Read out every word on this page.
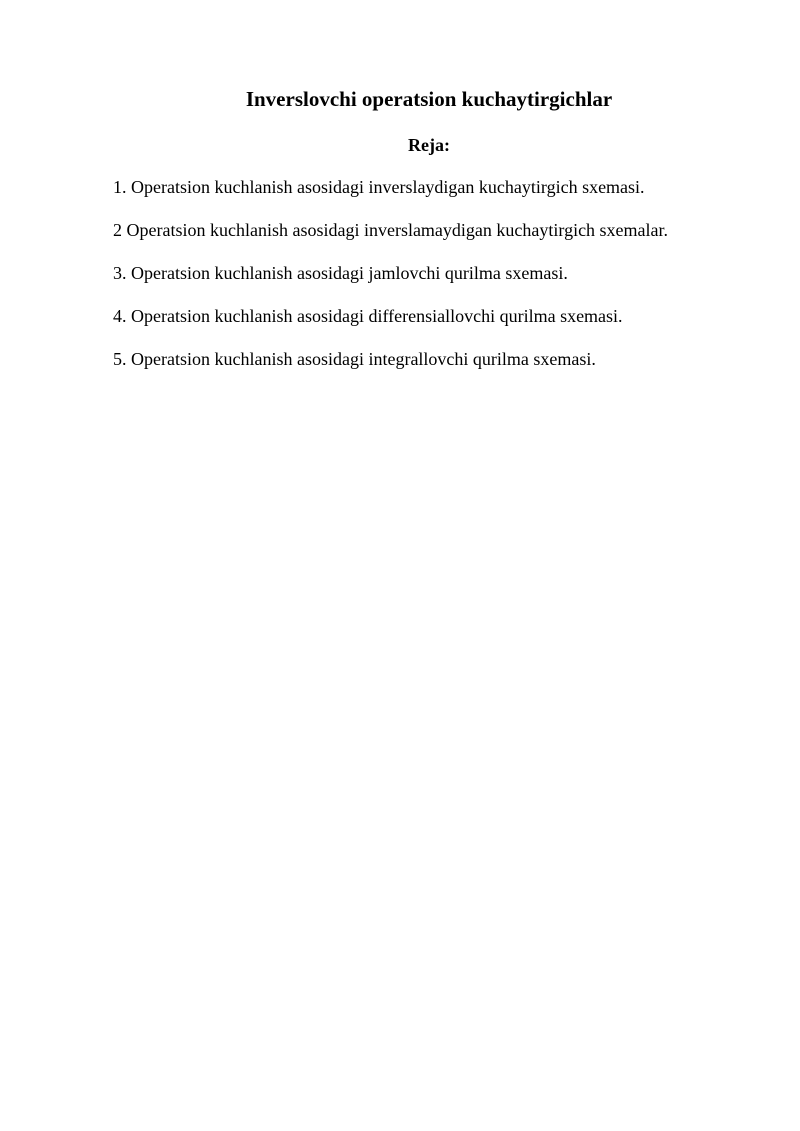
Inverslovchi operatsion kuchaytirgichlar
Reja:
1. Operatsion kuchlanish asosidagi inverslaydigan kuchaytirgich sxemasi.
2 Operatsion kuchlanish asosidagi inverslamaydigan kuchaytirgich sxemalar.
3. Operatsion kuchlanish asosidagi jamlovchi qurilma sxemasi.
4. Operatsion kuchlanish asosidagi differensiallovchi qurilma sxemasi.
5. Operatsion kuchlanish asosidagi integrallovchi qurilma sxemasi.
